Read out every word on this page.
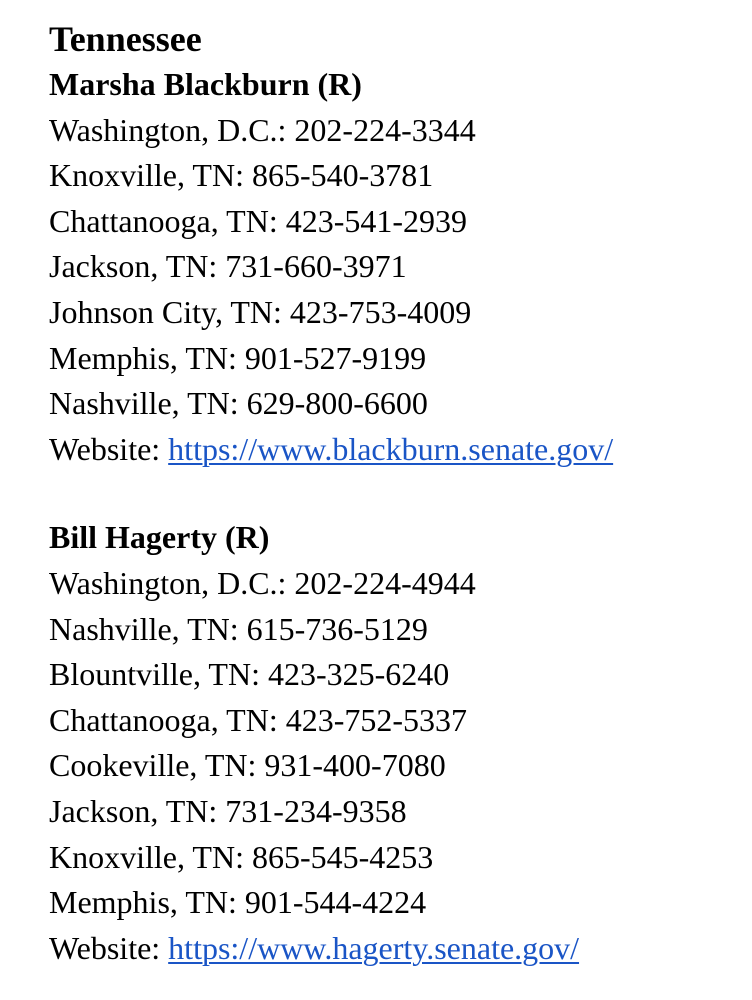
Tennessee
Marsha Blackburn (R)
Washington, D.C.: 202-224-3344
Knoxville, TN: 865-540-3781
Chattanooga, TN: 423-541-2939
Jackson, TN: 731-660-3971
Johnson City, TN: 423-753-4009
Memphis, TN: 901-527-9199
Nashville, TN: 629-800-6600
Website: https://www.blackburn.senate.gov/
Bill Hagerty (R)
Washington, D.C.: 202-224-4944
Nashville, TN: 615-736-5129
Blountville, TN: 423-325-6240
Chattanooga, TN: 423-752-5337
Cookeville, TN: 931-400-7080
Jackson, TN: 731-234-9358
Knoxville, TN: 865-545-4253
Memphis, TN: 901-544-4224
Website: https://www.hagerty.senate.gov/
